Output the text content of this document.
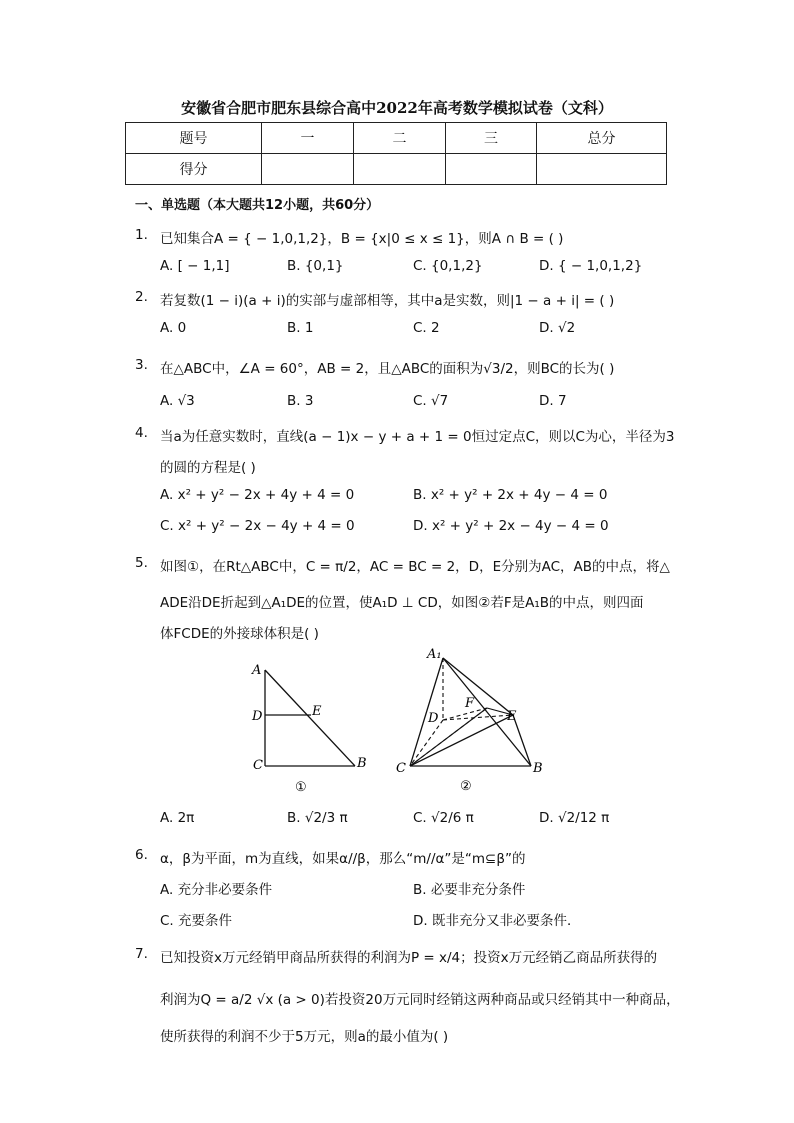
安徽省合肥市肥东县综合高中2022年高考数学模拟试卷（文科）
题号	一	二	三	总分
得分				
一、单选题（本大题共12小题，共60分）
1. 已知集合A = { − 1,0,1,2}，B = {x|0 ≤ x ≤ 1}，则A ∩ B = ( )
A. [ − 1,1]	B. {0,1}	C. {0,1,2}	D. { − 1,0,1,2}
2. 若复数(1 − i)(a + i)的实部与虚部相等，其中a是实数，则|1 − a + i| = ( )
A. 0	B. 1	C. 2	D. √2
3. 在△ABC中，∠A = 60°，AB = 2，且△ABC的面积为√3/2，则BC的长为( )
A. √3	B. 3	C. √7	D. 7
4. 当a为任意实数时，直线(a − 1)x − y + a + 1 = 0恒过定点C，则以C为心，半径为3
的圆的方程是( )
A. x² + y² − 2x + 4y + 4 = 0	B. x² + y² + 2x + 4y − 4 = 0
C. x² + y² − 2x − 4y + 4 = 0	D. x² + y² + 2x − 4y − 4 = 0
5. 如图①，在Rt△ABC中，C = π/2，AC = BC = 2，D，E分别为AC，AB的中点，将△
ADE沿DE折起到△A₁DE的位置，使A₁D ⊥ CD，如图②若F是A₁B的中点，则四面
体FCDE的外接球体积是( )
A
D	E
C	B
①
A₁
F
D	E
C	B
②
A. 2π	B. √2/3 π	C. √2/6 π	D. √2/12 π
6. α，β为平面，m为直线，如果α//β，那么“m//α”是“m⊆β”的
A. 充分非必要条件	B. 必要非充分条件
C. 充要条件	D. 既非充分又非必要条件．
7. 已知投资x万元经销甲商品所获得的利润为P = x/4；投资x万元经销乙商品所获得的
利润为Q = a/2 √x (a > 0)若投资20万元同时经销这两种商品或只经销其中一种商品，
使所获得的利润不少于5万元，则a的最小值为( )
